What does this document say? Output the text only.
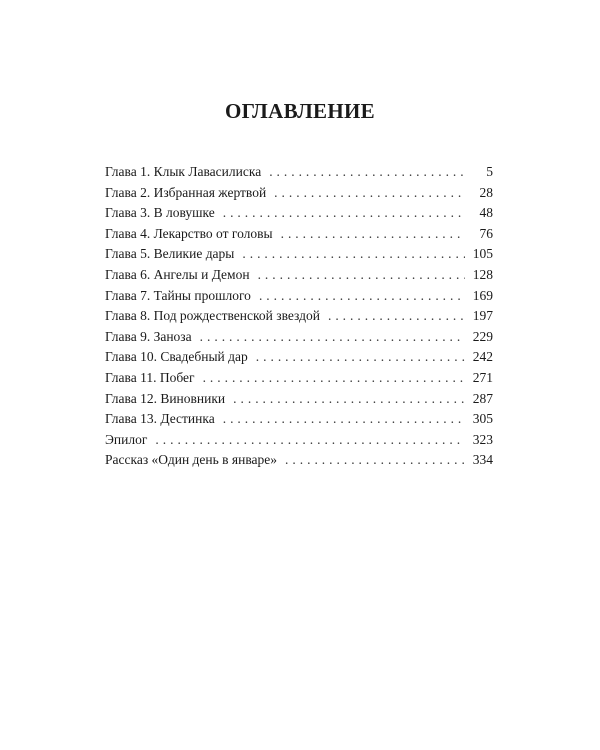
ОГЛАВЛЕНИЕ
Глава 1. Клык Лавасилиска . . .	5
Глава 2. Избранная жертвой . . .	28
Глава 3. В ловушке . . .	48
Глава 4. Лекарство от головы . . .	76
Глава 5. Великие дары . . .	105
Глава 6. Ангелы и Демон . . .	128
Глава 7. Тайны прошлого . . .	169
Глава 8. Под рождественской звездой . . .	197
Глава 9. Заноза . . .	229
Глава 10. Свадебный дар . . .	242
Глава 11. Побег . . .	271
Глава 12. Виновники . . .	287
Глава 13. Дестинка . . .	305
Эпилог . . .	323
Рассказ «Один день в январе» . . .	334
